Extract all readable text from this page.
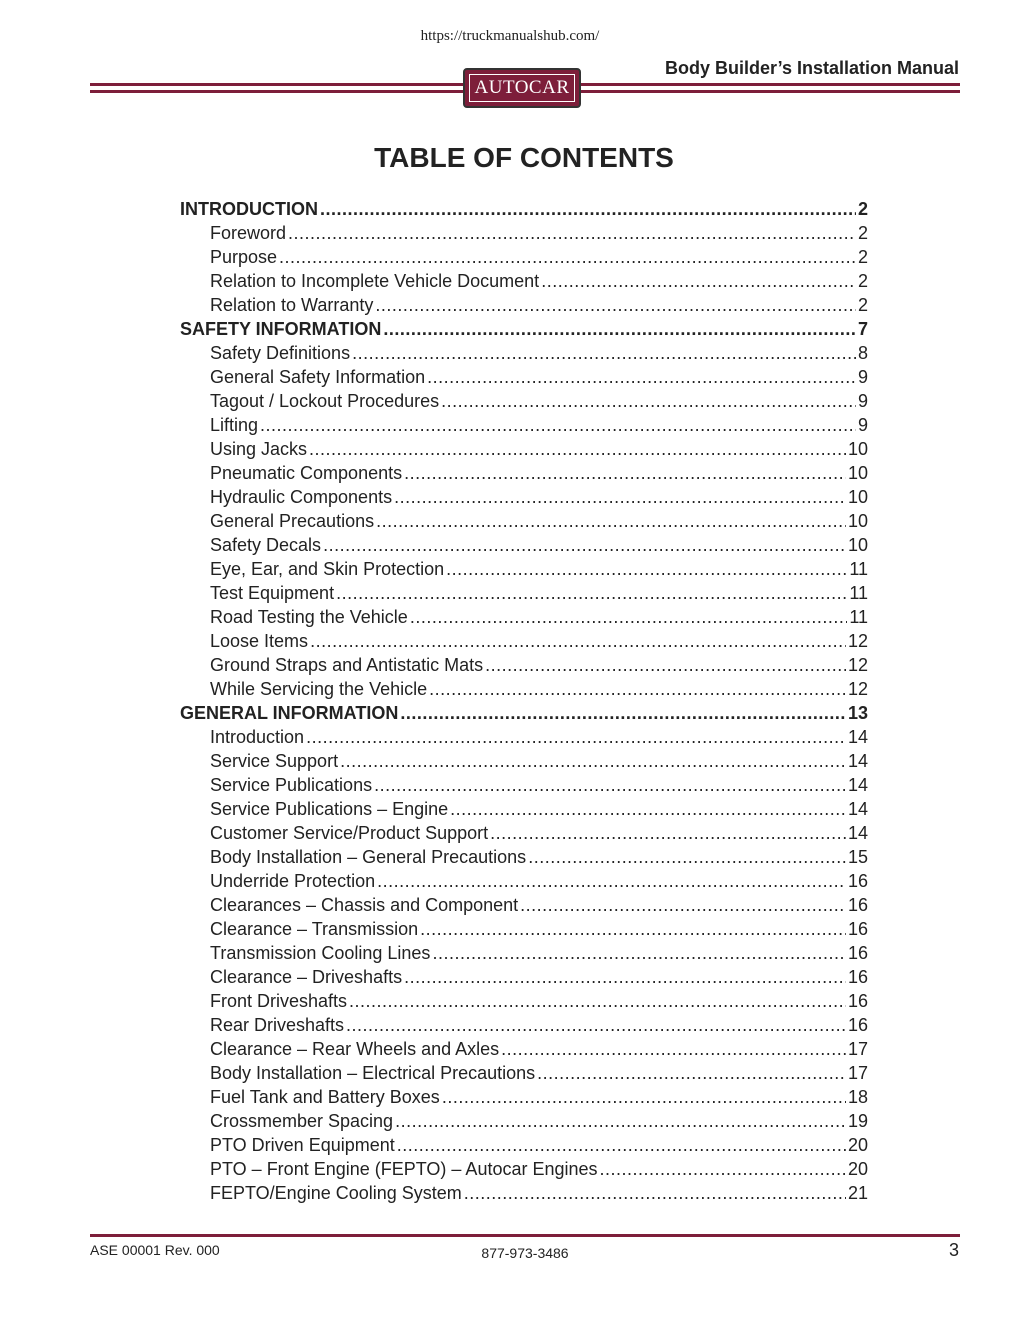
https://truckmanualshub.com/
Body Builder’s Installation Manual
AUTOCAR
TABLE OF CONTENTS
INTRODUCTION .....	2
Foreword .....	2
Purpose .....	2
Relation to Incomplete Vehicle Document .....	2
Relation to Warranty .....	2
SAFETY INFORMATION .....	7
Safety Definitions .....	8
General Safety Information .....	9
Tagout / Lockout Procedures .....	9
Lifting .....	9
Using Jacks .....	10
Pneumatic Components .....	10
Hydraulic Components .....	10
General Precautions .....	10
Safety Decals .....	10
Eye, Ear, and Skin Protection .....	11
Test Equipment .....	11
Road Testing the Vehicle .....	11
Loose Items .....	12
Ground Straps and Antistatic Mats .....	12
While Servicing the Vehicle .....	12
GENERAL INFORMATION .....	13
Introduction .....	14
Service Support .....	14
Service Publications .....	14
Service Publications – Engine .....	14
Customer Service/Product Support .....	14
Body Installation – General Precautions .....	15
Underride Protection .....	16
Clearances – Chassis and Component .....	16
Clearance – Transmission .....	16
Transmission Cooling Lines .....	16
Clearance – Driveshafts .....	16
Front Driveshafts .....	16
Rear Driveshafts .....	16
Clearance – Rear Wheels and Axles .....	17
Body Installation – Electrical Precautions .....	17
Fuel Tank and Battery Boxes .....	18
Crossmember Spacing .....	19
PTO Driven Equipment .....	20
PTO – Front Engine (FEPTO) – Autocar Engines .....	20
FEPTO/Engine Cooling System .....	21
ASE 00001 Rev. 000	877-973-3486	3
